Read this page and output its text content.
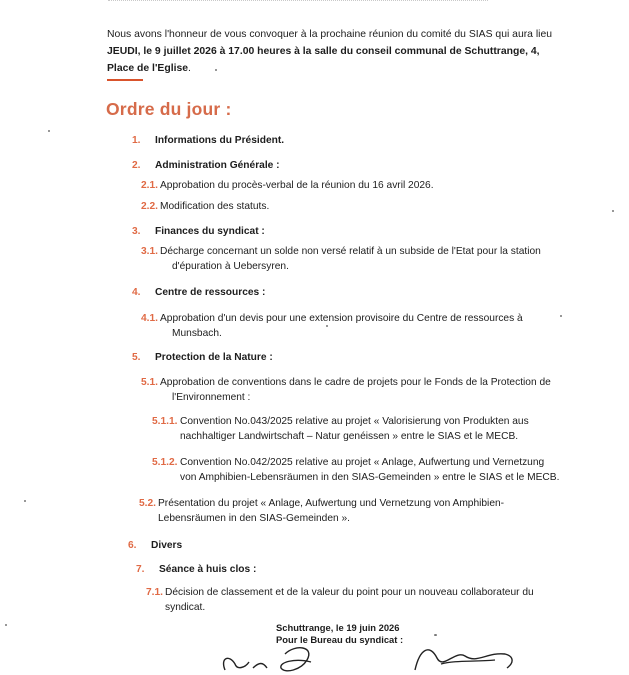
Nous avons l'honneur de vous convoquer à la prochaine réunion du comité du SIAS qui aura lieu
JEUDI, le 9 juillet 2026 à 17.00 heures à la salle du conseil communal de Schuttrange, 4,
Place de l'Eglise.
Ordre du jour :
1. Informations du Président.
2. Administration Générale :
2.1. Approbation du procès-verbal de la réunion du 16 avril 2026.
2.2. Modification des statuts.
3. Finances du syndicat :
3.1. Décharge concernant un solde non versé relatif à un subside de l'Etat pour la station
d'épuration à Uebersyren.
4. Centre de ressources :
4.1. Approbation d'un devis pour une extension provisoire du Centre de ressources à
Munsbach.
5. Protection de la Nature :
5.1. Approbation de conventions dans le cadre de projets pour le Fonds de la Protection de
l'Environnement :
5.1.1. Convention No.043/2025 relative au projet « Valorisierung von Produkten aus
nachhaltiger Landwirtschaft – Natur genéissen » entre le SIAS et le MECB.
5.1.2. Convention No.042/2025 relative au projet « Anlage, Aufwertung und Vernetzung
von Amphibien-Lebensräumen in den SIAS-Gemeinden » entre le SIAS et le MECB.
5.2. Présentation du projet « Anlage, Aufwertung und Vernetzung von Amphibien-
Lebensräumen in den SIAS-Gemeinden ».
6. Divers
7. Séance à huis clos :
7.1. Décision de classement et de la valeur du point pour un nouveau collaborateur du
syndicat.
Schuttrange, le 19 juin 2026
Pour le Bureau du syndicat :
